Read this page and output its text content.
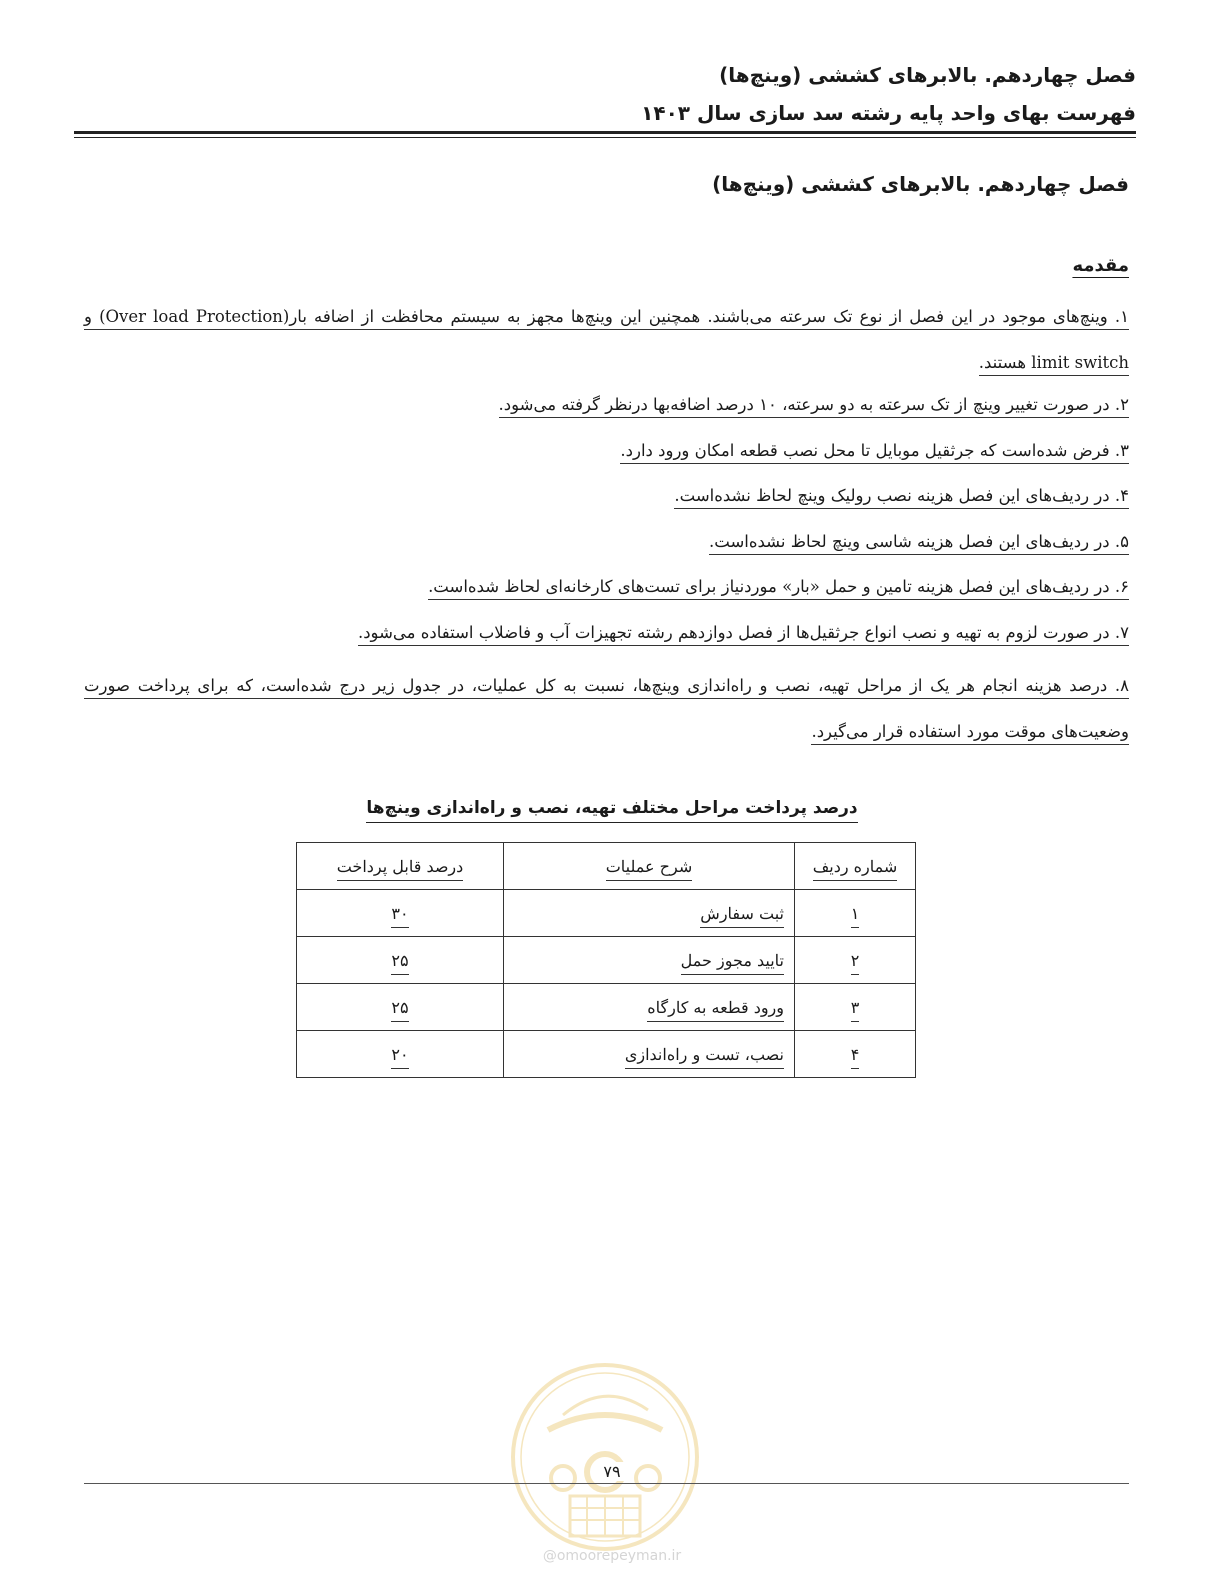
فصل چهاردهم. بالابرهای کششی (وینچ‌ها)
فهرست بهای واحد پایه رشته سد سازی سال ۱۴۰۳
فصل چهاردهم. بالابرهای کششی (وینچ‌ها)
مقدمه
۱. وینچ‌های موجود در این فصل از نوع تک سرعته می‌باشند. همچنین این وینچ‌ها مجهز به سیستم محافظت از اضافه بار(Over load Protection) و limit switch هستند.
۲. در صورت تغییر وینچ از تک سرعته به دو سرعته، ۱۰ درصد اضافه‌بها درنظر گرفته می‌شود.
۳. فرض شده‌است که جرثقیل موبایل تا محل نصب قطعه امکان ورود دارد.
۴. در ردیف‌های این فصل هزینه نصب رولیک وینچ لحاظ نشده‌است.
۵. در ردیف‌های این فصل هزینه شاسی وینچ لحاظ نشده‌است.
۶. در ردیف‌های این فصل هزینه تامین و حمل «بار» موردنیاز برای تست‌های کارخانه‌ای لحاظ شده‌است.
۷. در صورت لزوم به تهیه و نصب انواع جرثقیل‌ها از فصل دوازدهم رشته تجهیزات آب و فاضلاب استفاده می‌شود.
۸. درصد هزینه انجام هر یک از مراحل تهیه، نصب و راه‌اندازی وینچ‌ها، نسبت به کل عملیات، در جدول زیر درج شده‌است، که برای پرداخت صورت وضعیت‌های موقت مورد استفاده قرار می‌گیرد.
درصد پرداخت مراحل مختلف تهیه، نصب و راه‌اندازی وینچ‌ها
شماره ردیف	شرح عملیات	درصد قابل پرداخت
۱	ثبت سفارش	۳۰
۲	تایید مجوز حمل	۲۵
۳	ورود قطعه به کارگاه	۲۵
۴	نصب، تست و راه‌اندازی	۲۰
۷۹
@omoorepeyman.ir
